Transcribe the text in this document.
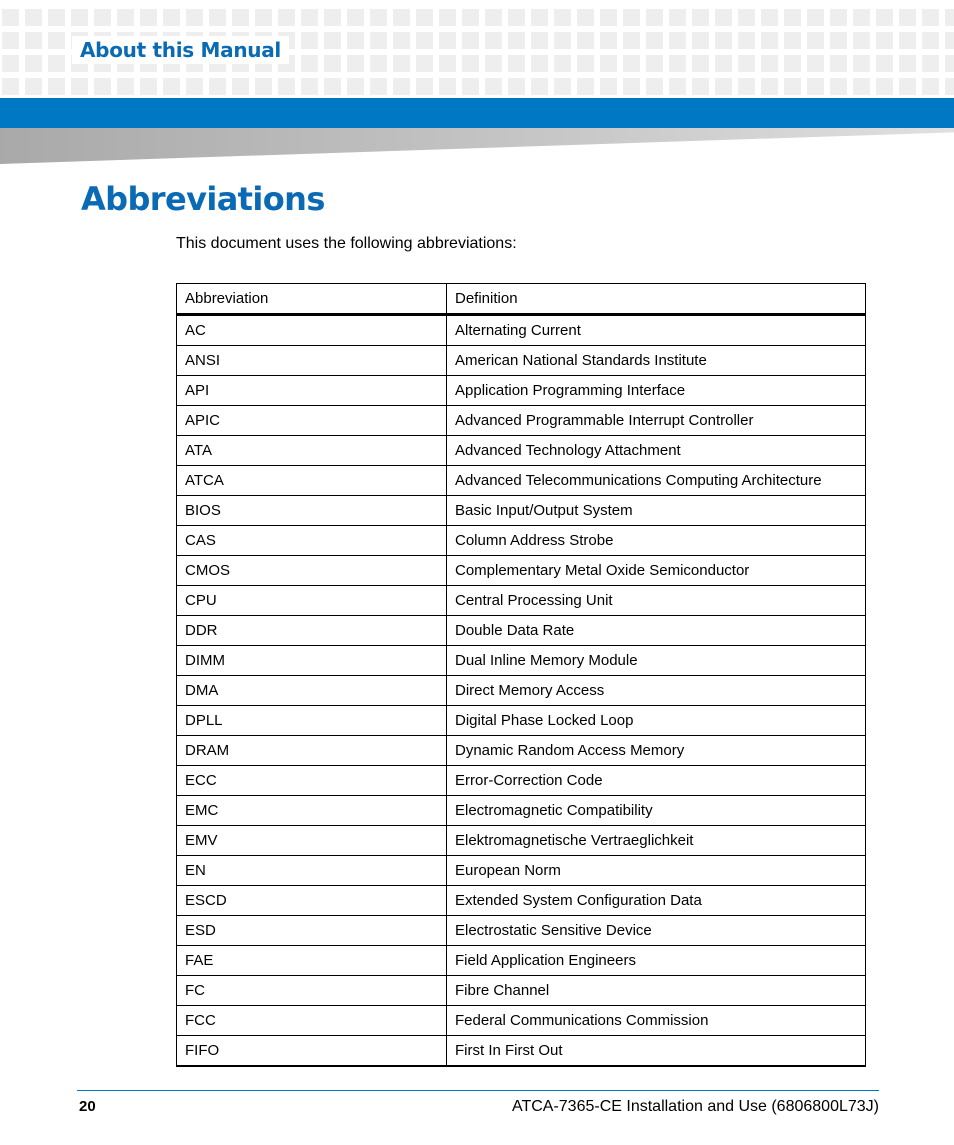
About this Manual
Abbreviations
This document uses the following abbreviations:
Abbreviation	Definition
AC	Alternating Current
ANSI	American National Standards Institute
API	Application Programming Interface
APIC	Advanced Programmable Interrupt Controller
ATA	Advanced Technology Attachment
ATCA	Advanced Telecommunications Computing Architecture
BIOS	Basic Input/Output System
CAS	Column Address Strobe
CMOS	Complementary Metal Oxide Semiconductor
CPU	Central Processing Unit
DDR	Double Data Rate
DIMM	Dual Inline Memory Module
DMA	Direct Memory Access
DPLL	Digital Phase Locked Loop
DRAM	Dynamic Random Access Memory
ECC	Error-Correction Code
EMC	Electromagnetic Compatibility
EMV	Elektromagnetische Vertraeglichkeit
EN	European Norm
ESCD	Extended System Configuration Data
ESD	Electrostatic Sensitive Device
FAE	Field Application Engineers
FC	Fibre Channel
FCC	Federal Communications Commission
FIFO	First In First Out
20	ATCA-7365-CE Installation and Use (6806800L73J)
